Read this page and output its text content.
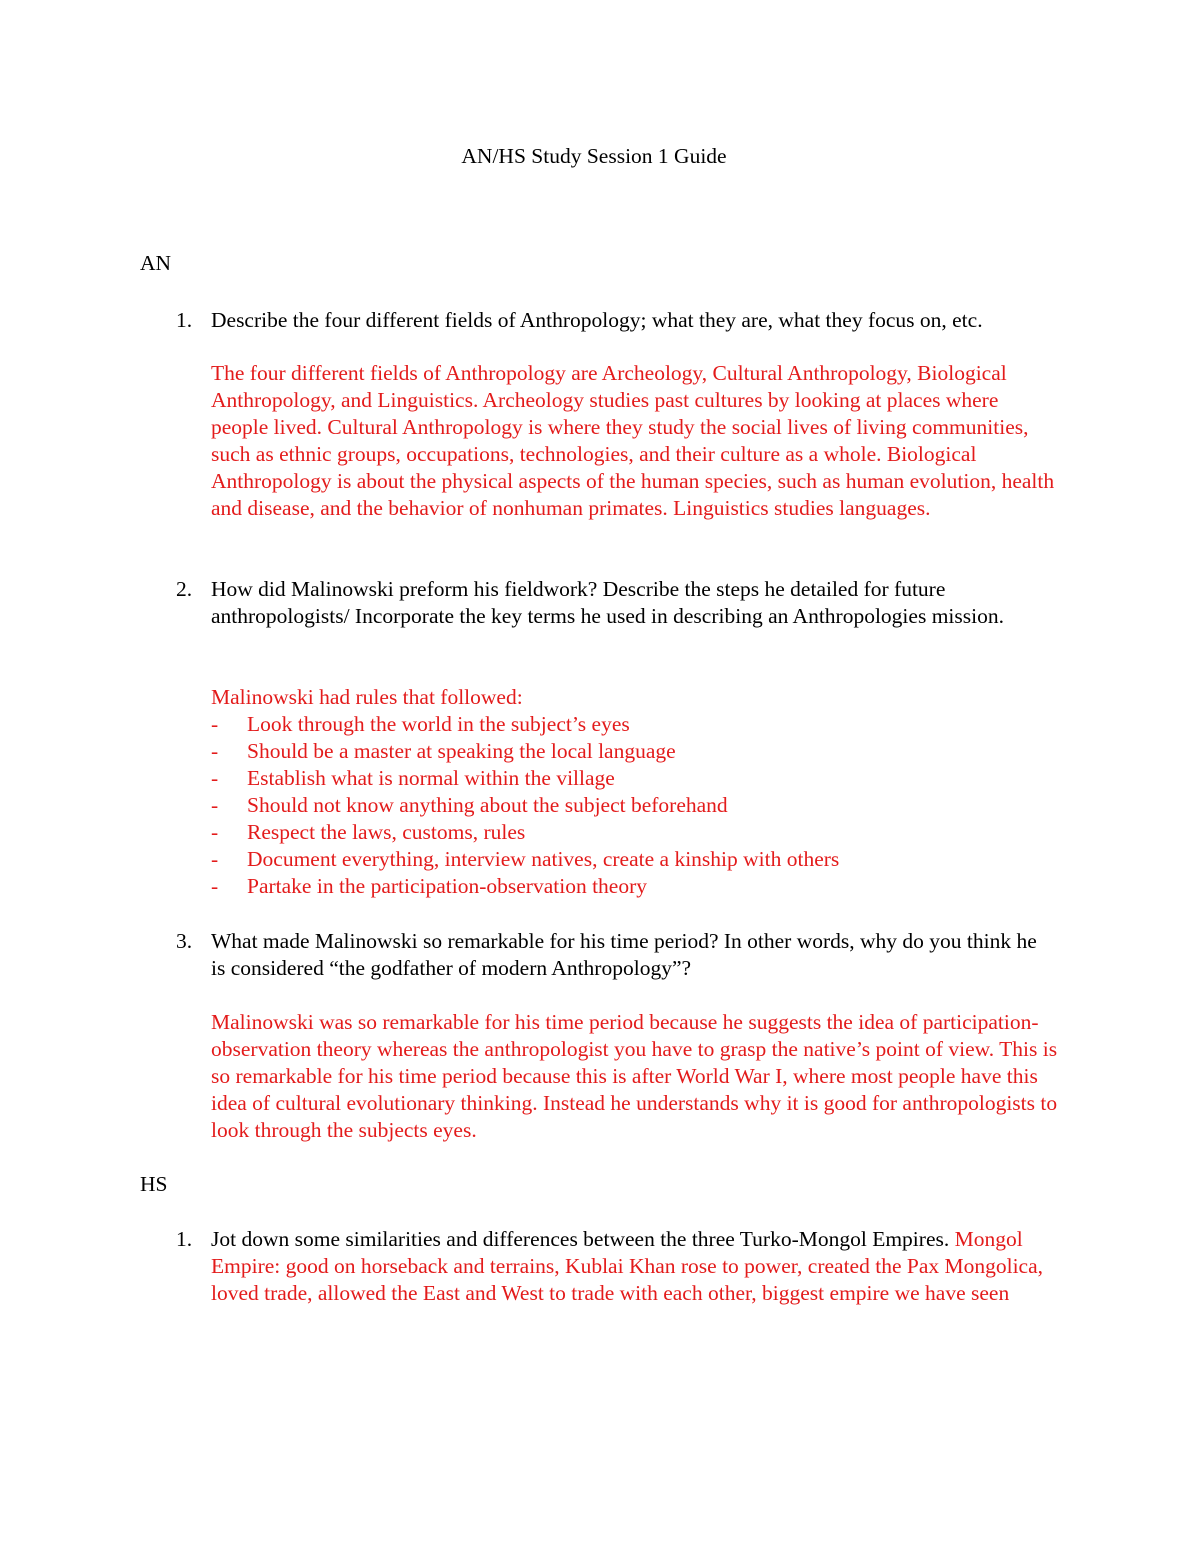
AN/HS Study Session 1 Guide
AN
1. Describe the four different fields of Anthropology; what they are, what they focus on, etc.
The four different fields of Anthropology are Archeology, Cultural Anthropology, Biological Anthropology, and Linguistics. Archeology studies past cultures by looking at places where people lived. Cultural Anthropology is where they study the social lives of living communities, such as ethnic groups, occupations, technologies, and their culture as a whole. Biological Anthropology is about the physical aspects of the human species, such as human evolution, health and disease, and the behavior of nonhuman primates. Linguistics studies languages.
2. How did Malinowski preform his fieldwork? Describe the steps he detailed for future anthropologists/ Incorporate the key terms he used in describing an Anthropologies mission.
Malinowski had rules that followed:
- Look through the world in the subject’s eyes
- Should be a master at speaking the local language
- Establish what is normal within the village
- Should not know anything about the subject beforehand
- Respect the laws, customs, rules
- Document everything, interview natives, create a kinship with others
- Partake in the participation-observation theory
3. What made Malinowski so remarkable for his time period? In other words, why do you think he is considered “the godfather of modern Anthropology”?
Malinowski was so remarkable for his time period because he suggests the idea of participation-observation theory whereas the anthropologist you have to grasp the native’s point of view. This is so remarkable for his time period because this is after World War I, where most people have this idea of cultural evolutionary thinking. Instead he understands why it is good for anthropologists to look through the subjects eyes.
HS
1. Jot down some similarities and differences between the three Turko-Mongol Empires. Mongol Empire: good on horseback and terrains, Kublai Khan rose to power, created the Pax Mongolica, loved trade, allowed the East and West to trade with each other, biggest empire we have seen
